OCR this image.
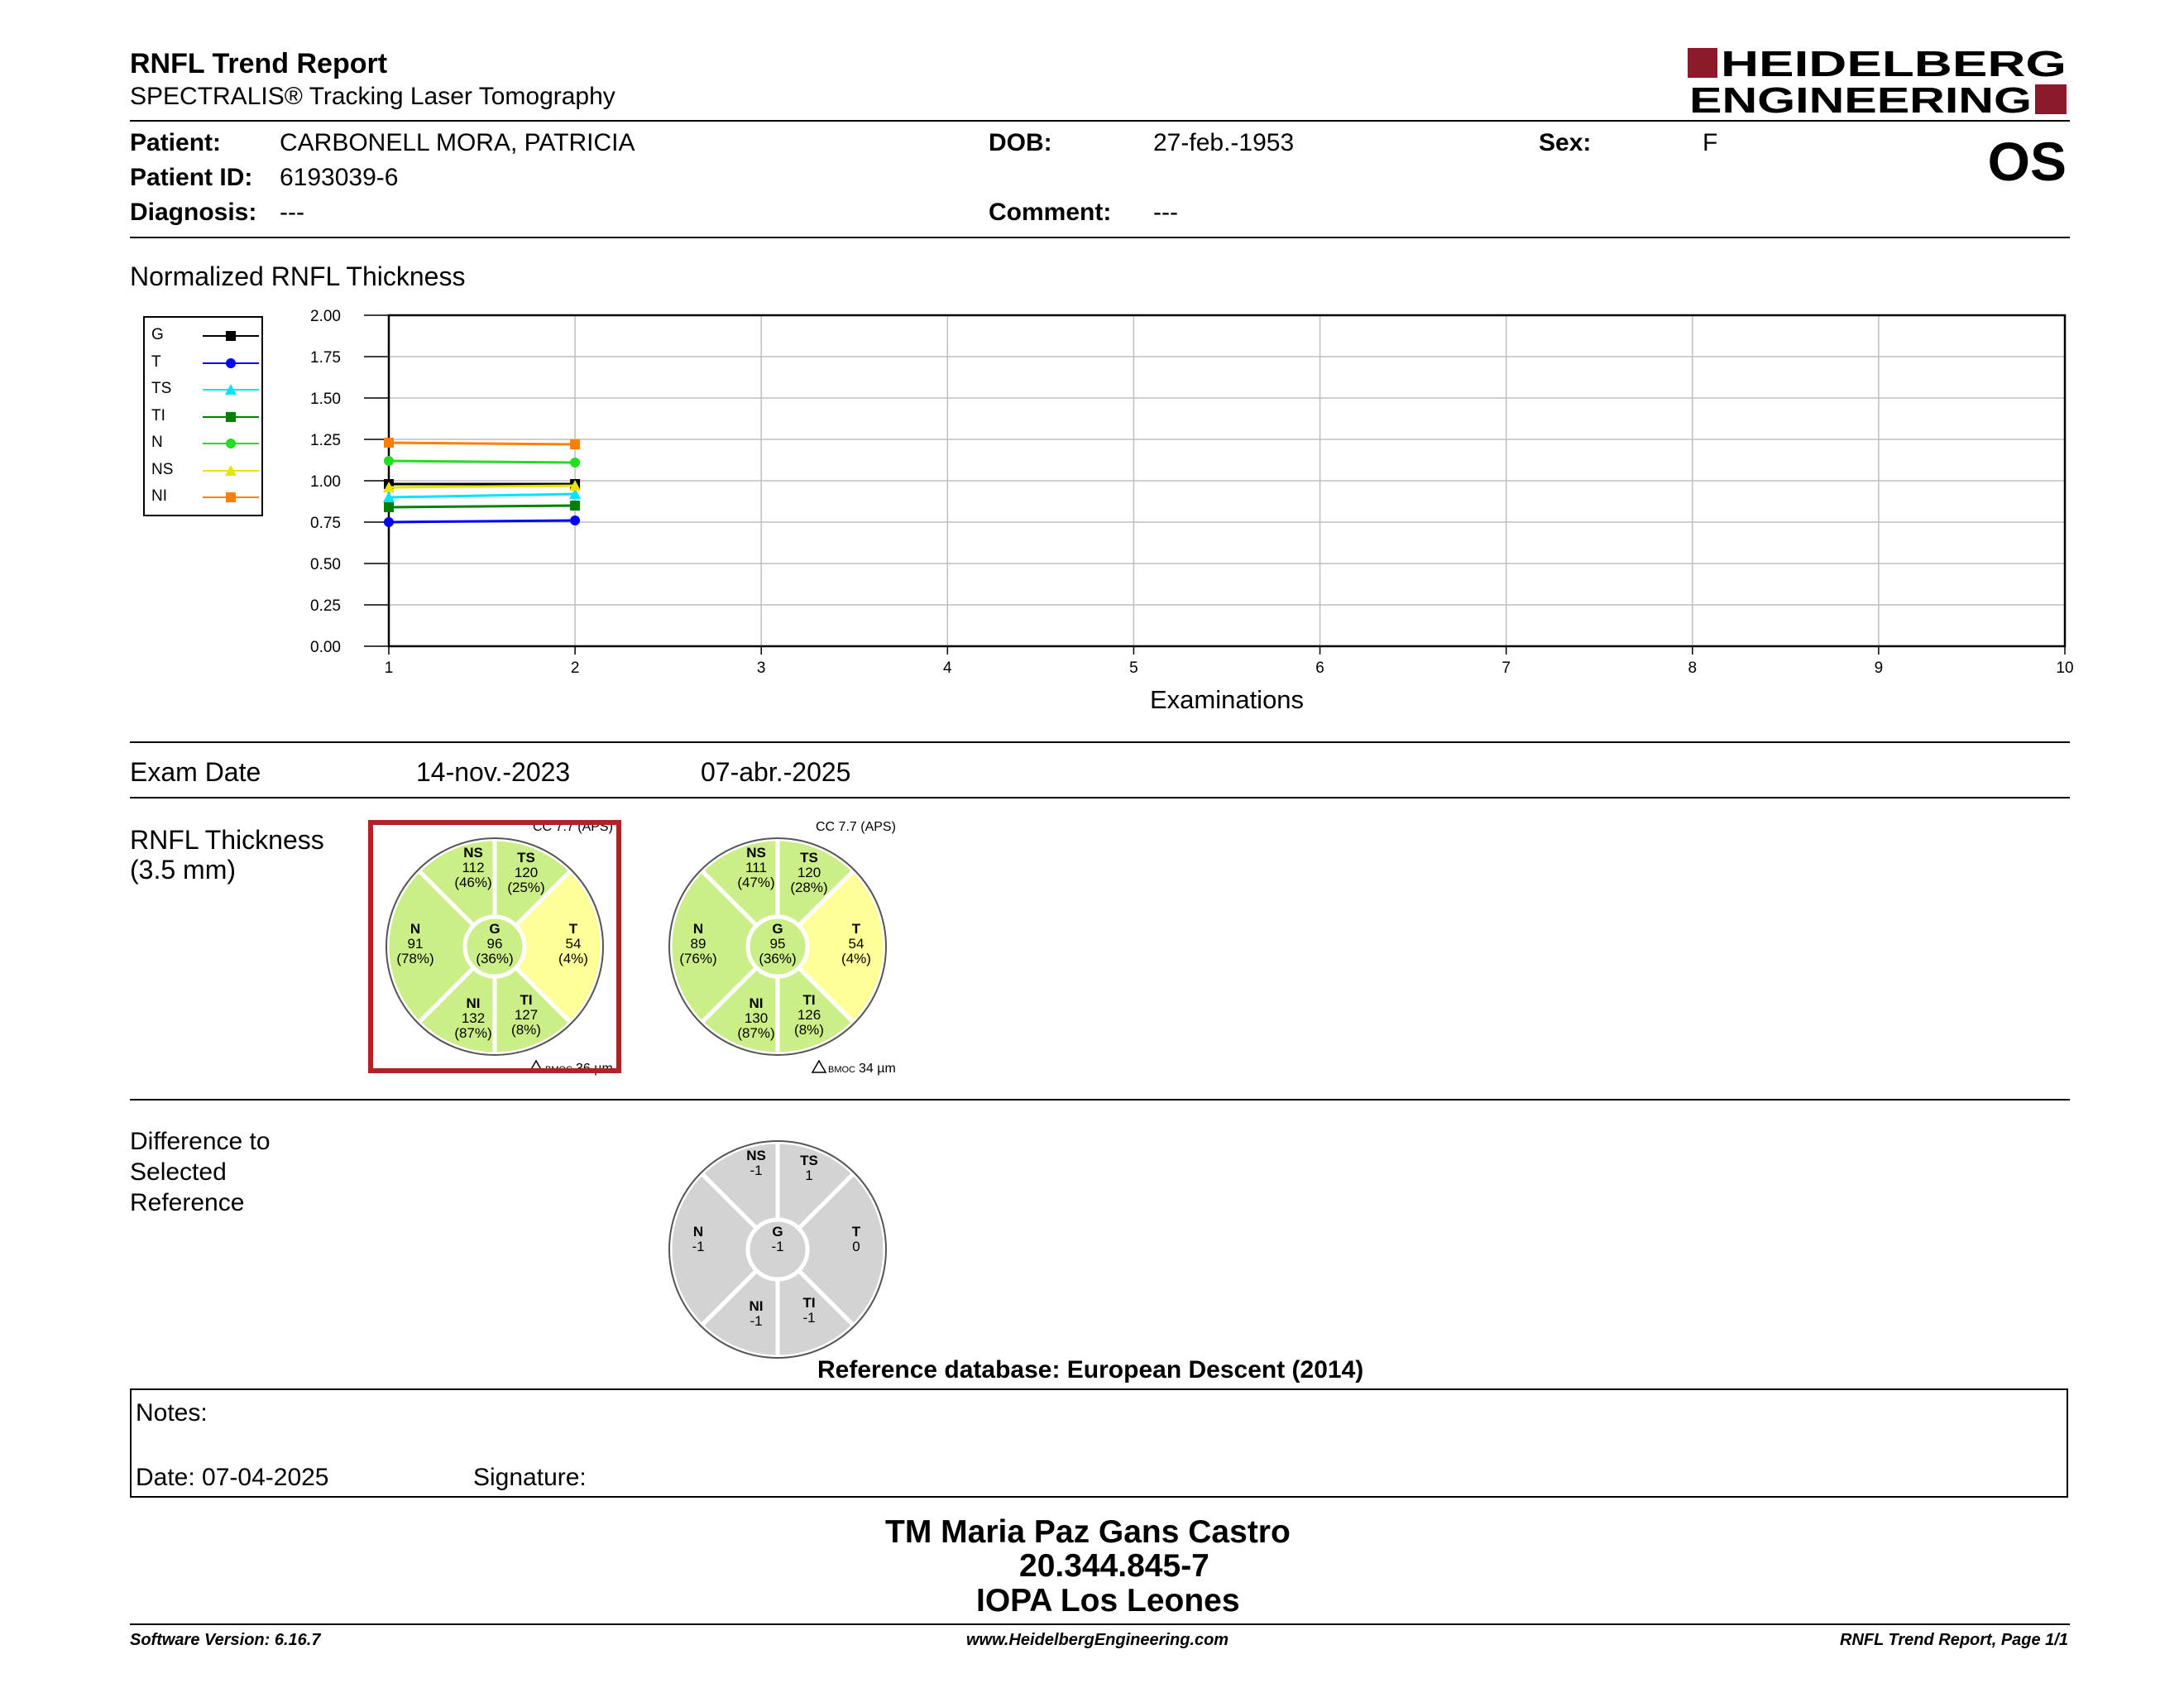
RNFL Trend Report
SPECTRALIS® Tracking Laser Tomography
HEIDELBERG
ENGINEERING
Patient: CARBONELL MORA, PATRICIA
Patient ID: 6193039-6
Diagnosis: ---
DOB:	27-feb.-1953
Comment: ---
Sex:	F	OS
Normalized RNFL Thickness
G
T
TS
TI
N
NS
NI
1	2	3	4	5	6	7	8	9	10
0.00
0.25
0.50
0.75
1.00
1.25
1.50
1.75
2.00
Examinations
Exam Date	14-nov.-2023	07-abr.-2025
RNFL Thickness
(3.5 mm)
NS
112
(46%)
TS
120
(25%)
T
54
(4%)
TI
127
(8%)
NI
132
(87%)
N
91
(78%)
G
96
(36%)
CC 7.7 (APS)
BMOC 36 µm
NS
111
(47%)
TS
120
(28%)
T
54
(4%)
TI
126
(8%)
NI
130
(87%)
N
89
(76%)
G
95
(36%)
CC 7.7 (APS)
BMOC 34 µm
NS
-1
TS
1
T
0
TI
-1
NI
-1
N
-1
G
-1
Difference to
Selected
Reference
Reference database: European Descent (2014)
Notes:
Date: 07-04-2025	Signature:
TM Maria Paz Gans Castro
20.344.845-7
IOPA Los Leones
Software Version: 6.16.7	www.HeidelbergEngineering.com	RNFL Trend Report, Page 1/1
